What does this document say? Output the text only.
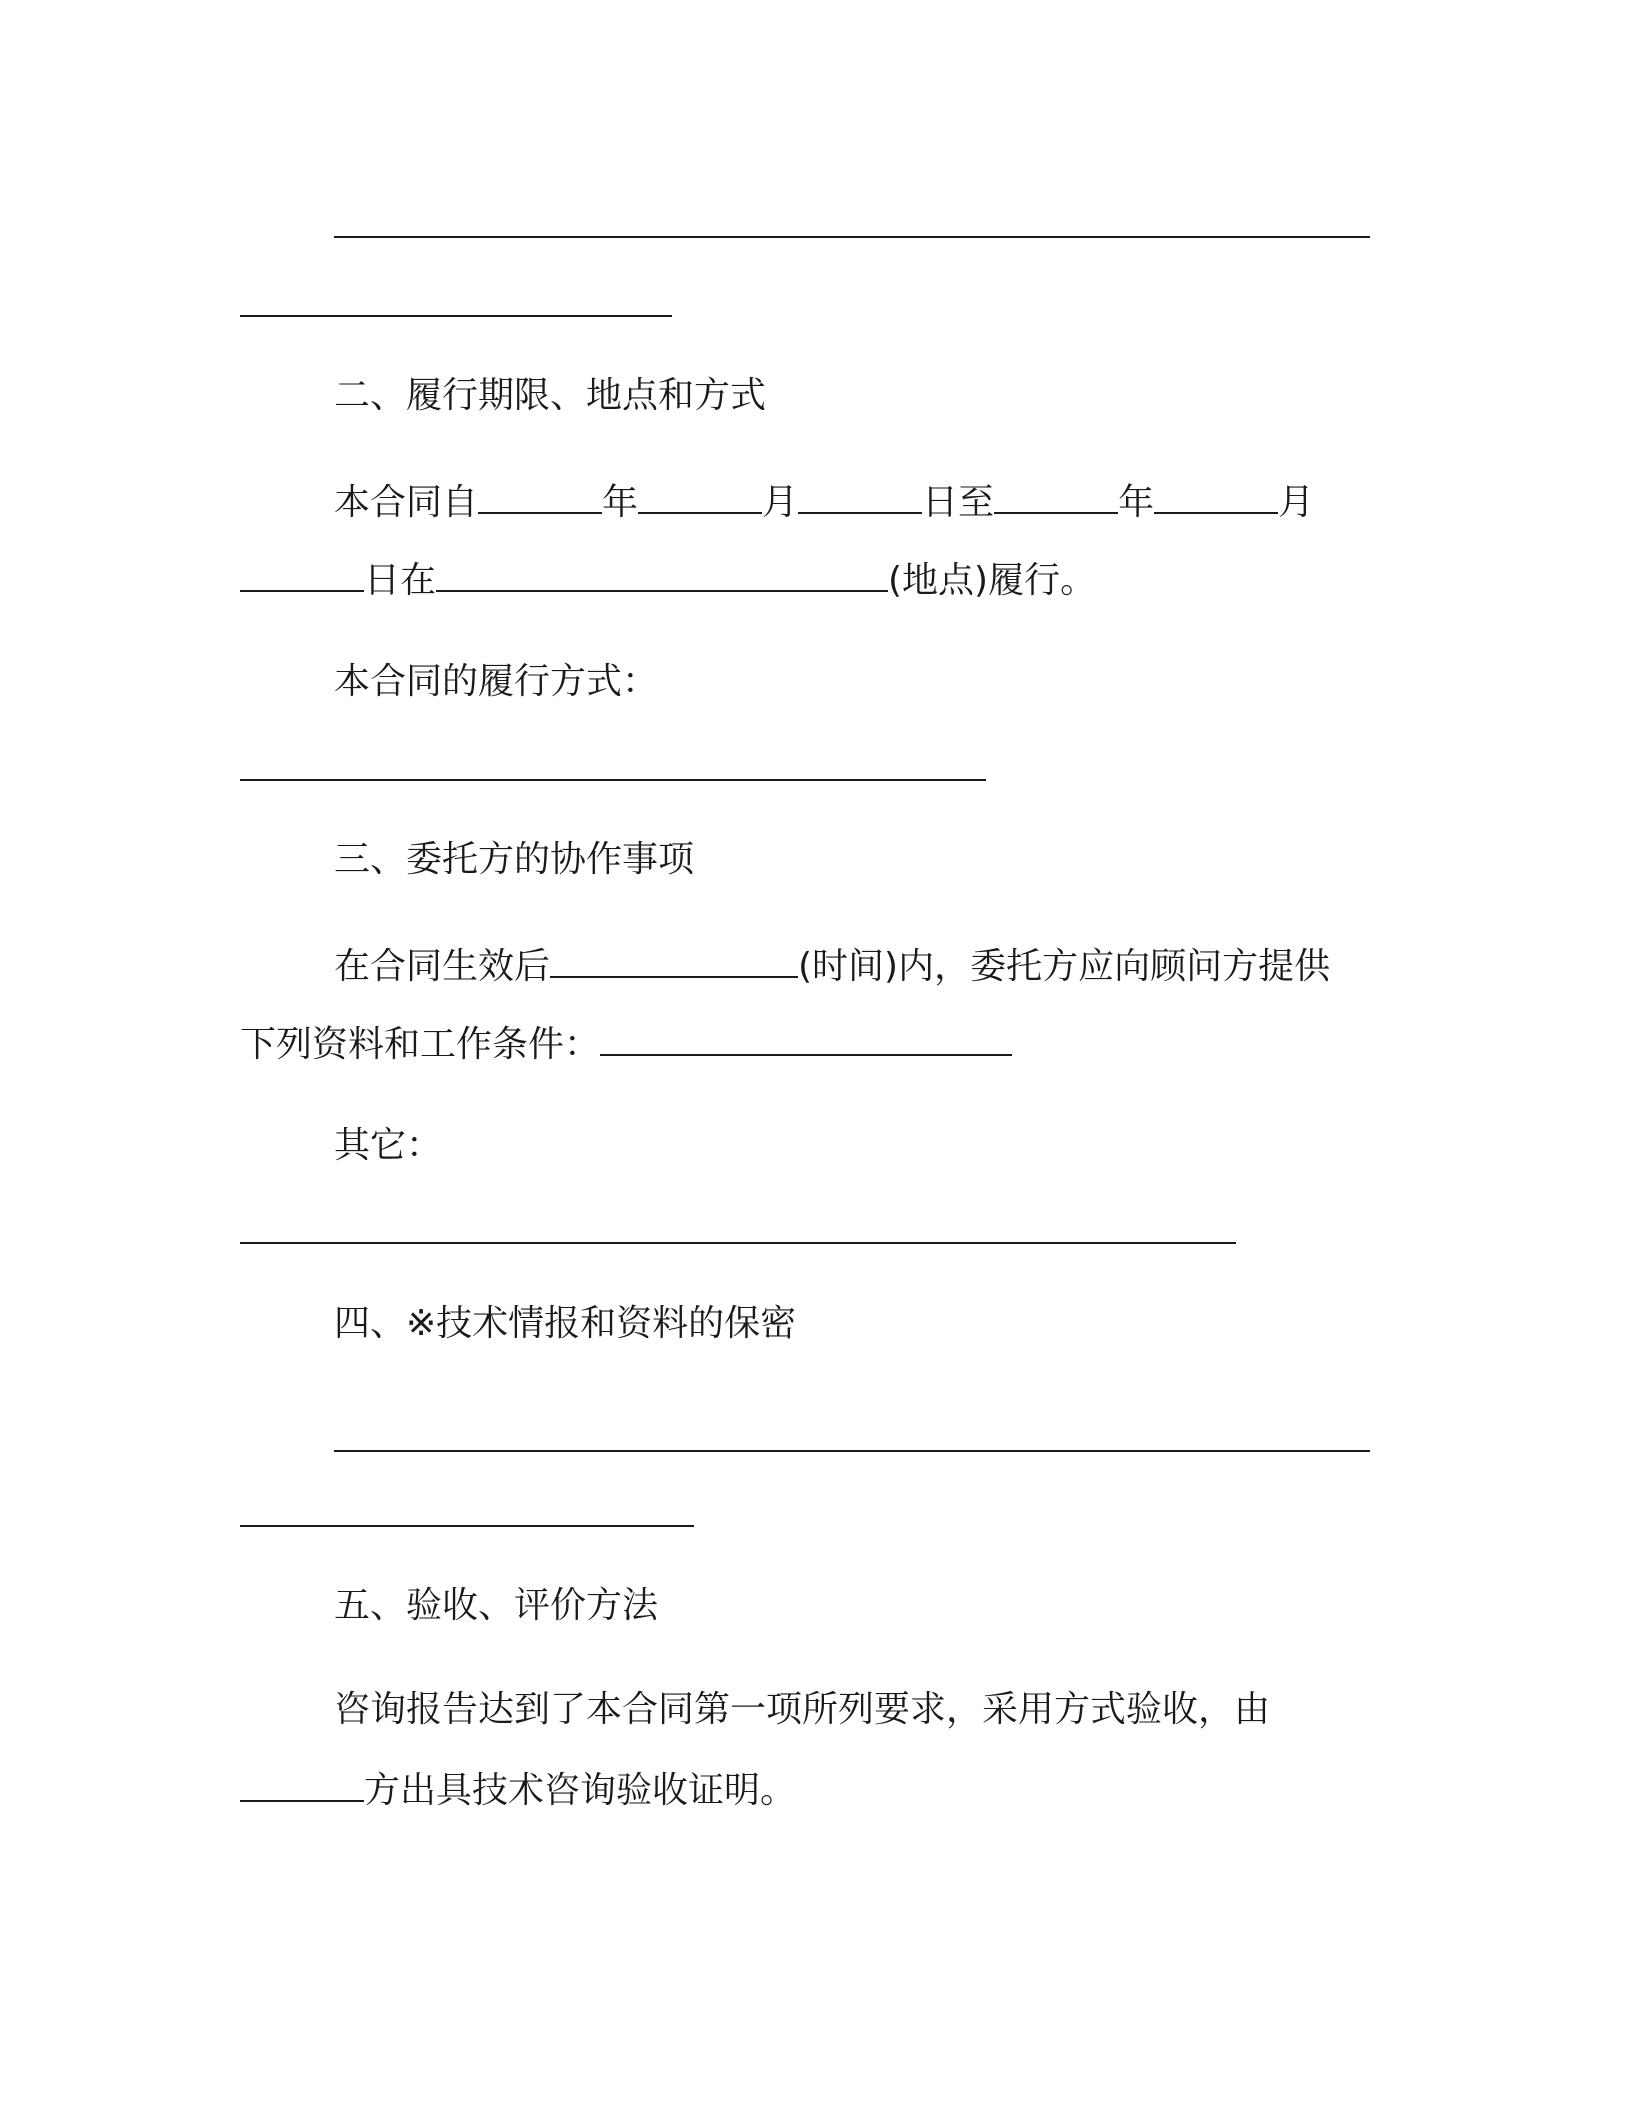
二、履行期限、地点和方式
本合同自	年	月	日至	年	月
日在	(地点)履行。
本合同的履行方式：
三、委托方的协作事项
在合同生效后	(时间)内，委托方应向顾问方提供
下列资料和工作条件：
其它：
四、※技术情报和资料的保密
五、验收、评价方法
咨询报告达到了本合同第一项所列要求，采用方式验收，由
方出具技术咨询验收证明。
